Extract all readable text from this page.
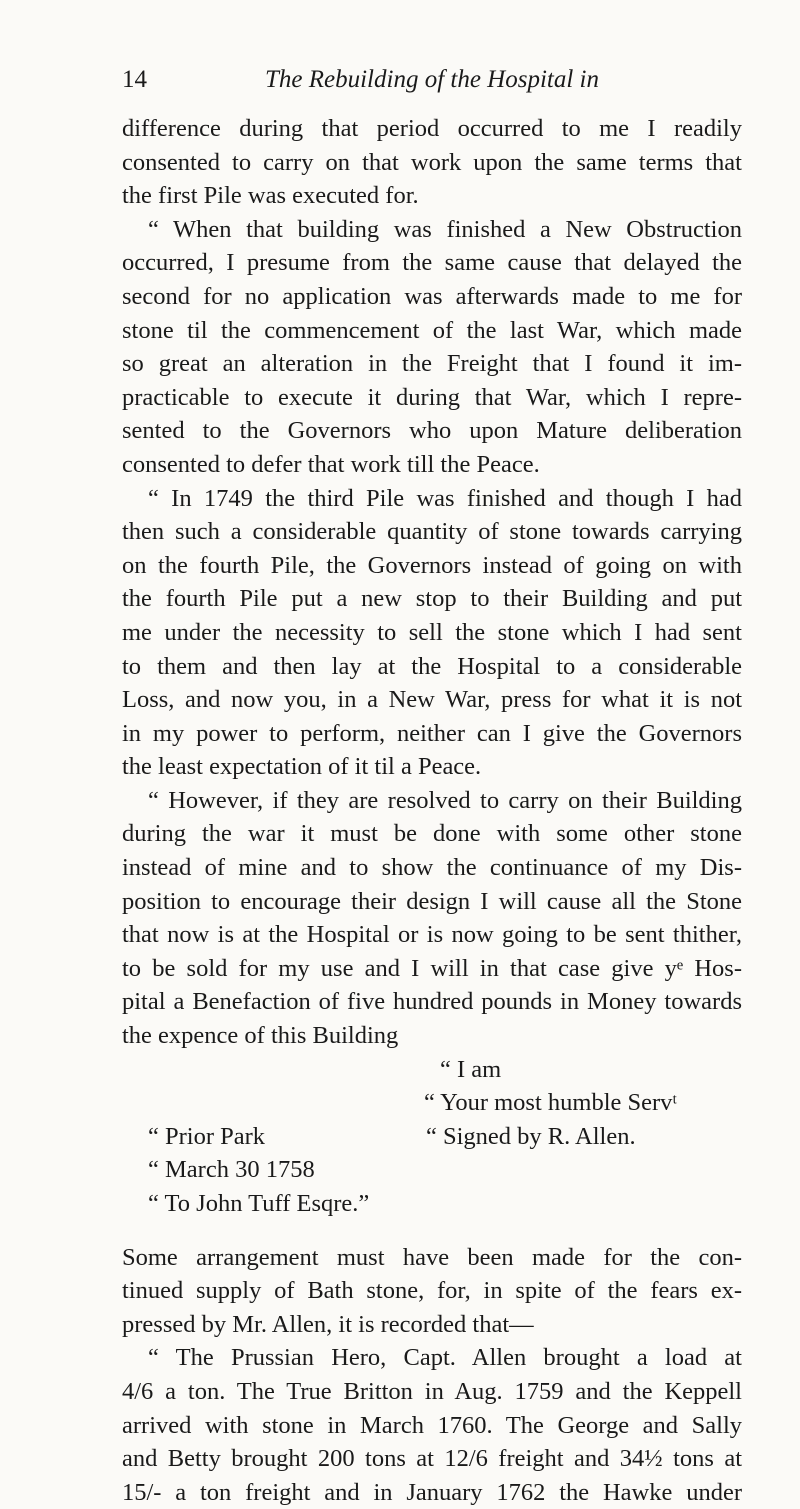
14	The Rebuilding of the Hospital in
difference during that period occurred to me I readily
consented to carry on that work upon the same terms that
the first Pile was executed for.
“ When that building was finished a New Obstruction
occurred, I presume from the same cause that delayed the
second for no application was afterwards made to me for
stone til the commencement of the last War, which made
so great an alteration in the Freight that I found it im-
practicable to execute it during that War, which I repre-
sented to the Governors who upon Mature deliberation
consented to defer that work till the Peace.
“ In 1749 the third Pile was finished and though I had
then such a considerable quantity of stone towards carrying
on the fourth Pile, the Governors instead of going on with
the fourth Pile put a new stop to their Building and put
me under the necessity to sell the stone which I had sent
to them and then lay at the Hospital to a considerable
Loss, and now you, in a New War, press for what it is not
in my power to perform, neither can I give the Governors
the least expectation of it til a Peace.
“ However, if they are resolved to carry on their Building
during the war it must be done with some other stone
instead of mine and to show the continuance of my Dis-
position to encourage their design I will cause all the Stone
that now is at the Hospital or is now going to be sent thither,
to be sold for my use and I will in that case give yᵉ Hos-
pital a Benefaction of five hundred pounds in Money towards
the expence of this Building
“ I am
“ Your most humble Servᵗ
“ Prior Park	“ Signed by R. Allen.
“ March 30 1758
“ To John Tuff Esqre.”
Some arrangement must have been made for the con-
tinued supply of Bath stone, for, in spite of the fears ex-
pressed by Mr. Allen, it is recorded that—
“ The Prussian Hero, Capt. Allen brought a load at
4/6 a ton. The True Britton in Aug. 1759 and the Keppell
arrived with stone in March 1760. The George and Sally
and Betty brought 200 tons at 12/6 freight and 34½ tons at
15/- a ton freight and in January 1762 the Hawke under
